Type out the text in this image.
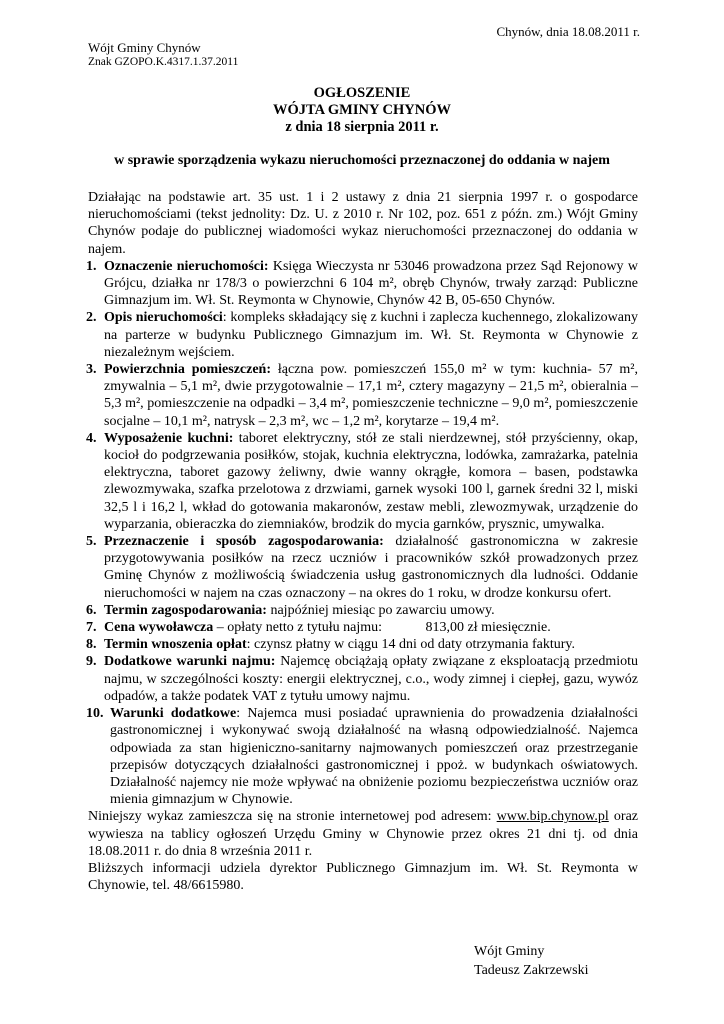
Chynów, dnia 18.08.2011 r.
Wójt Gminy Chynów
Znak GZOPO.K.4317.1.37.2011
OGŁOSZENIE
WÓJTA GMINY CHYNÓW
z dnia 18 sierpnia 2011 r.
w sprawie sporządzenia wykazu nieruchomości przeznaczonej do oddania w najem

Działając na podstawie art. 35 ust. 1 i 2 ustawy z dnia 21 sierpnia 1997 r. o gospodarce nieruchomościami (tekst jednolity: Dz. U. z 2010 r. Nr 102, poz. 651 z późn. zm.) Wójt Gminy Chynów podaje do publicznej wiadomości wykaz nieruchomości przeznaczonej do oddania w najem.

1. Oznaczenie nieruchomości: Księga Wieczysta nr 53046 prowadzona przez Sąd Rejonowy w Grójcu, działka nr 178/3 o powierzchni 6 104 m², obręb Chynów, trwały zarząd: Publiczne Gimnazjum im. Wł. St. Reymonta w Chynowie, Chynów 42 B, 05-650 Chynów.
2. Opis nieruchomości: kompleks składający się z kuchni i zaplecza kuchennego, zlokalizowany na parterze w budynku Publicznego Gimnazjum im. Wł. St. Reymonta w Chynowie z niezależnym wejściem.
3. Powierzchnia pomieszczeń: łączna pow. pomieszczeń 155,0 m² w tym: kuchnia- 57 m², zmywalnia – 5,1 m², dwie przygotowalnie – 17,1 m², cztery magazyny – 21,5 m², obieralnia – 5,3 m², pomieszczenie na odpadki – 3,4 m², pomieszczenie techniczne – 9,0 m², pomieszczenie socjalne – 10,1 m², natrysk – 2,3 m², wc – 1,2 m², korytarze – 19,4 m².
4. Wyposażenie kuchni: taboret elektryczny, stół ze stali nierdzewnej, stół przyścienny, okap, kocioł do podgrzewania posiłków, stojak, kuchnia elektryczna, lodówka, zamrażarka, patelnia elektryczna, taboret gazowy żeliwny, dwie wanny okrągłe, komora – basen, podstawka zlewozmywaka, szafka przelotowa z drzwiami, garnek wysoki 100 l, garnek średni 32 l, miski 32,5 l i 16,2 l, wkład do gotowania makaronów, zestaw mebli, zlewozmywak, urządzenie do wyparzania, obieraczka do ziemniaków, brodzik do mycia garnków, prysznic, umywalka.
5. Przeznaczenie i sposób zagospodarowania: działalność gastronomiczna w zakresie przygotowywania posiłków na rzecz uczniów i pracowników szkół prowadzonych przez Gminę Chynów z możliwością świadczenia usług gastronomicznych dla ludności. Oddanie nieruchomości w najem na czas oznaczony – na okres do 1 roku, w drodze konkursu ofert.
6. Termin zagospodarowania: najpóźniej miesiąc po zawarciu umowy.
7. Cena wywoławcza – opłaty netto z tytułu najmu:	813,00 zł miesięcznie.
8. Termin wnoszenia opłat: czynsz płatny w ciągu 14 dni od daty otrzymania faktury.
9. Dodatkowe warunki najmu: Najemcę obciążają opłaty związane z eksploatacją przedmiotu najmu, w szczególności koszty: energii elektrycznej, c.o., wody zimnej i ciepłej, gazu, wywóz odpadów, a także podatek VAT z tytułu umowy najmu.
10. Warunki dodatkowe: Najemca musi posiadać uprawnienia do prowadzenia działalności gastronomicznej i wykonywać swoją działalność na własną odpowiedzialność. Najemca odpowiada za stan higieniczno-sanitarny najmowanych pomieszczeń oraz przestrzeganie przepisów dotyczących działalności gastronomicznej i ppoż. w budynkach oświatowych. Działalność najemcy nie może wpływać na obniżenie poziomu bezpieczeństwa uczniów oraz mienia gimnazjum w Chynowie.

Niniejszy wykaz zamieszcza się na stronie internetowej pod adresem: www.bip.chynow.pl oraz wywiesza na tablicy ogłoszeń Urzędu Gminy w Chynowie przez okres 21 dni tj. od dnia 18.08.2011 r. do dnia 8 września 2011 r.

Bliższych informacji udziela dyrektor Publicznego Gimnazjum im. Wł. St. Reymonta w Chynowie, tel. 48/6615980.

Wójt Gminy
Tadeusz Zakrzewski
